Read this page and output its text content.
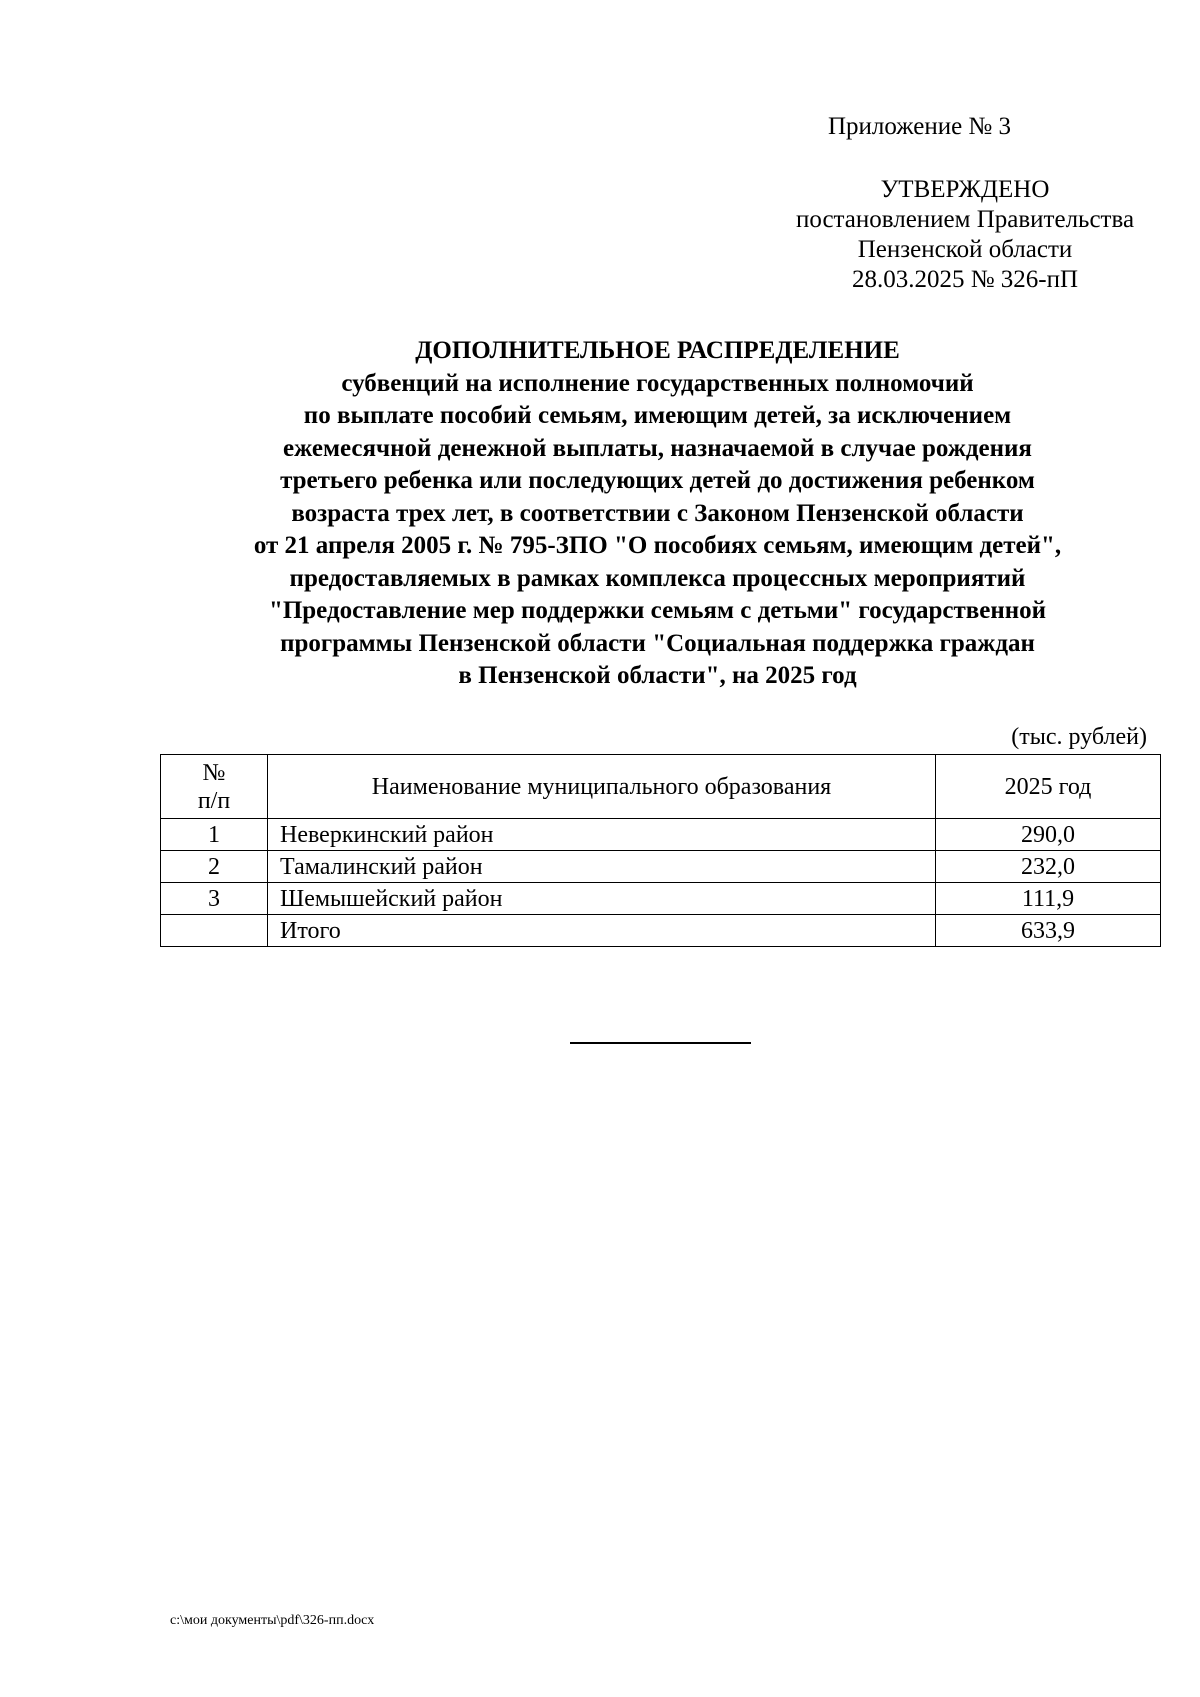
Приложение № 3
УТВЕРЖДЕНО
постановлением Правительства
Пензенской области
28.03.2025 № 326-пП
ДОПОЛНИТЕЛЬНОЕ РАСПРЕДЕЛЕНИЕ
субвенций на исполнение государственных полномочий
по выплате пособий семьям, имеющим детей, за исключением
ежемесячной денежной выплаты, назначаемой в случае рождения
третьего ребенка или последующих детей до достижения ребенком
возраста трех лет, в соответствии с Законом Пензенской области
от 21 апреля 2005 г. № 795-ЗПО "О пособиях семьям, имеющим детей",
предоставляемых в рамках комплекса процессных мероприятий
"Предоставление мер поддержки семьям с детьми" государственной
программы Пензенской области "Социальная поддержка граждан
в Пензенской области", на 2025 год
(тыс. рублей)
№
п/п	Наименование муниципального образования	2025 год
1	Неверкинский район	290,0
2	Тамалинский район	232,0
3	Шемышейский район	111,9
	Итого	633,9
c:\мои документы\pdf\326-пп.docx
